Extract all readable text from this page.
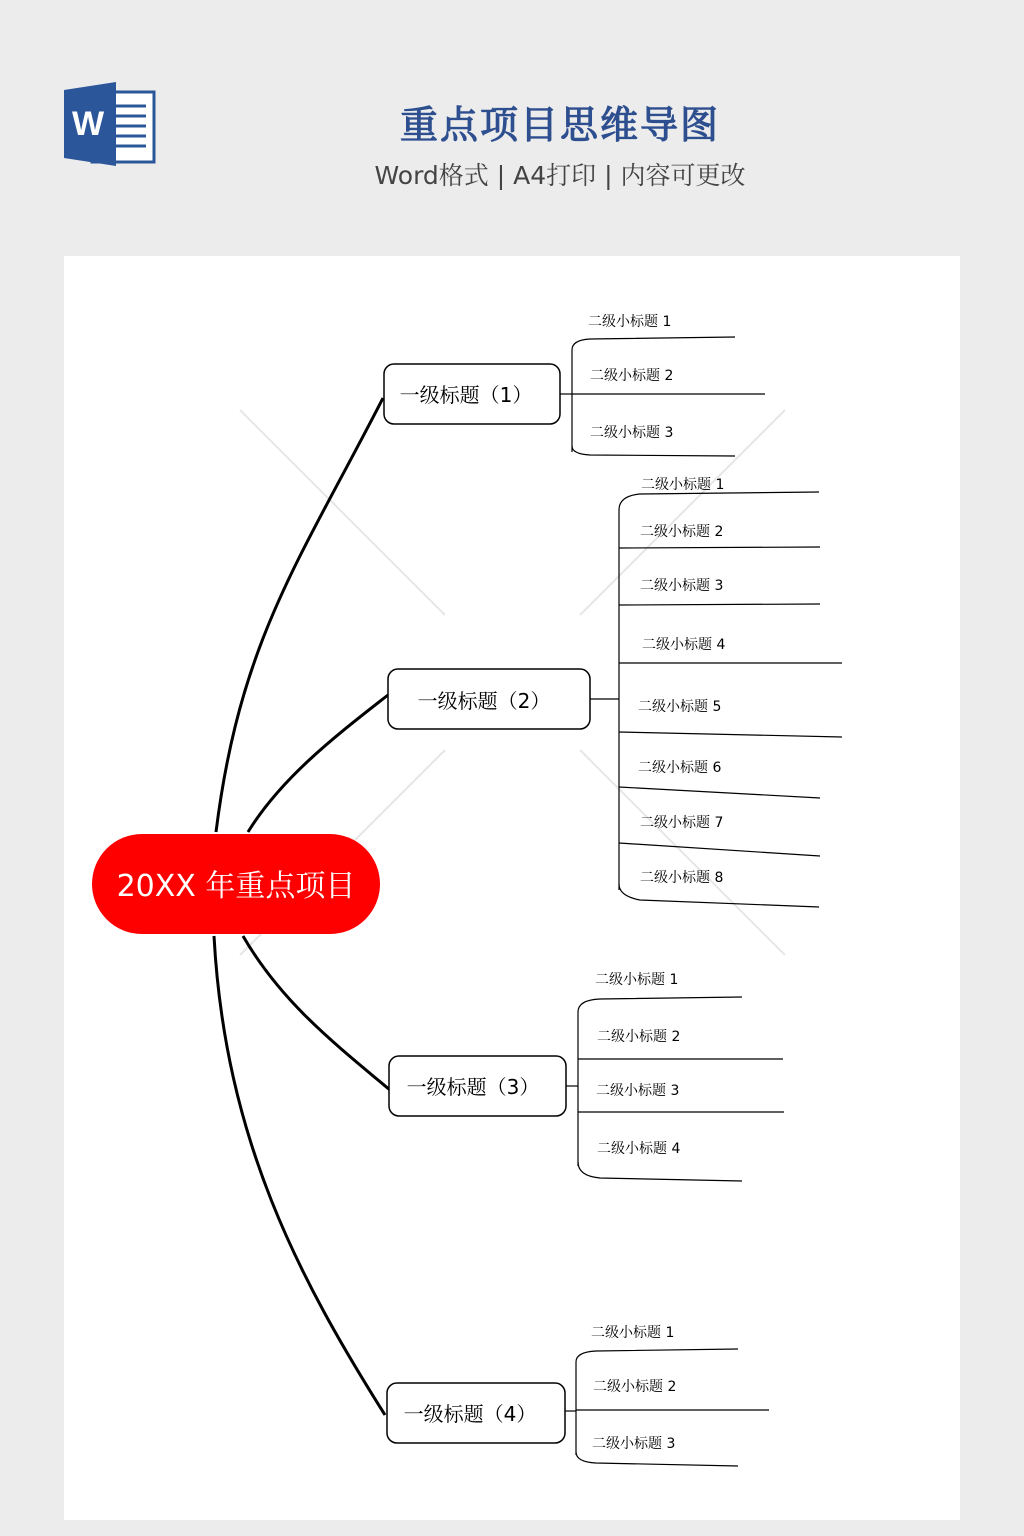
W	重点项目思维导图
Word格式 | A4打印 | 内容可更改
20XX 年重点项目
一级标题（1）
二级小标题 1
二级小标题 2
二级小标题 3
一级标题（2）
二级小标题 1
二级小标题 2
二级小标题 3
二级小标题 4
二级小标题 5
二级小标题 6
二级小标题 7
二级小标题 8
一级标题（3）
二级小标题 1
二级小标题 2
二级小标题 3
二级小标题 4
一级标题（4）
二级小标题 1
二级小标题 2
二级小标题 3
